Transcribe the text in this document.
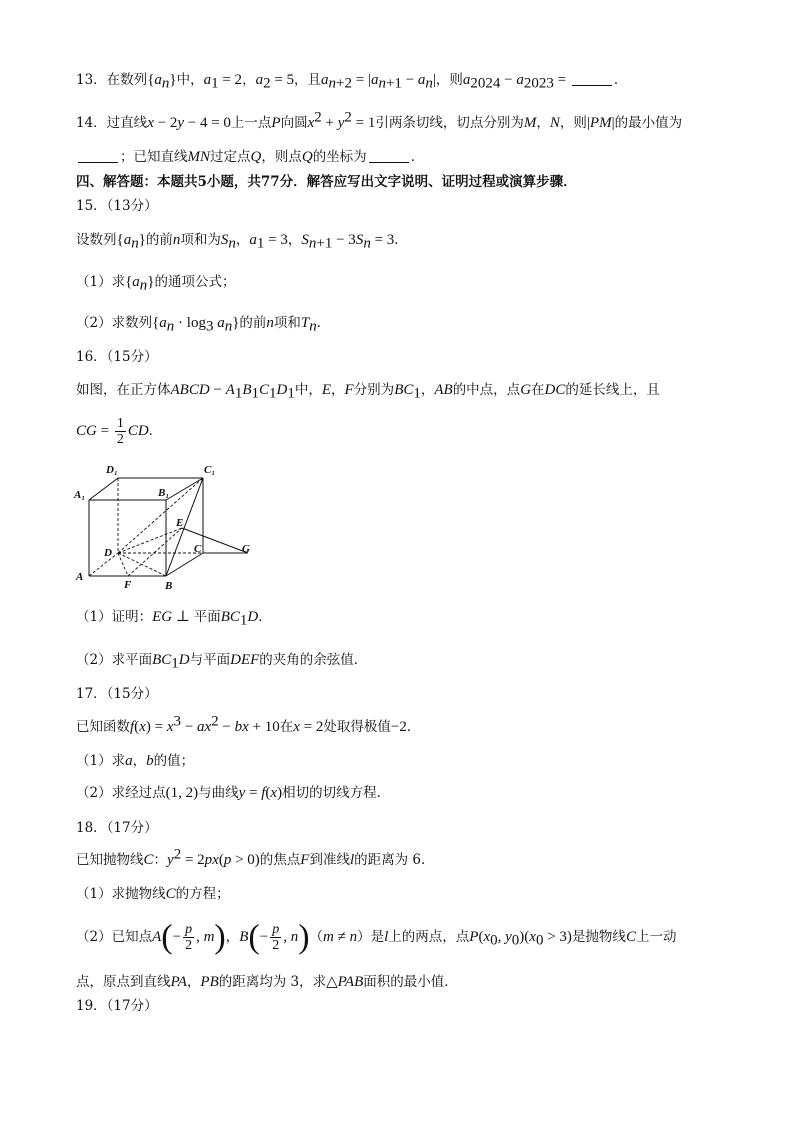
13．在数列$\{a_n\}$中，$a_1 = 2$，$a_2 = 5$，且$a_{n+2} = |a_{n+1} - a_n|$，则$a_{2024} - a_{2023}$ =	．
14．过直线x − 2y − 4 = 0上一点P向圆$x^2 + y^2 = 1$引两条切线，切点分别为M，N，则|PM|的最小值为
；已知直线MN过定点Q，则点Q的坐标为	．
四、解答题：本题共5小题，共77分．解答应写出文字说明、证明过程或演算步骤．
15．（13分）
设数列$\{a_n\}$的前n项和为$S_n$，$a_1 = 3$，$S_{n+1} - 3S_n = 3$．
（1）求$\{a_n\}$的通项公式；
（2）求数列$\{a_n \cdot \log_3 a_n\}$的前n项和$T_n$．
16．（15分）
如图，在正方体ABCD − $A_1B_1C_1D_1$中，E，F分别为$BC_1$，AB的中点，点G在DC的延长线上，且
CG = $\frac{1}{2}$ CD．
D₁	C₁
A₁	B₁
E
D	C	G
A
F	B
（1）证明：EG ⊥ 平面$BC_1D$．
（2）求平面$BC_1D$与平面DEF的夹角的余弦值．
17．（15分）
已知函数$f(x) = x^3 - ax^2$ − bx + 10在x = 2处取得极值−2．
（1）求a，b的值；
（2）求经过点(1, 2)与曲线y = f(x)相切的切线方程．
18．（17分）
已知抛物线C：$y^2 = 2px(p > 0)$的焦点F到准线l的距离为 6．
（1）求抛物线C的方程；
（2）已知点$A(- \frac{p}{2}$ , m)，$B(- \frac{p}{2}$ , n)（m ≠ n）是l上的两点，点$P(x_0$, $y_0)(x_0 > 3)$是抛物线C上一动
点，原点到直线PA，PB的距离均为 3，求△PAB面积的最小值．
19．（17分）
